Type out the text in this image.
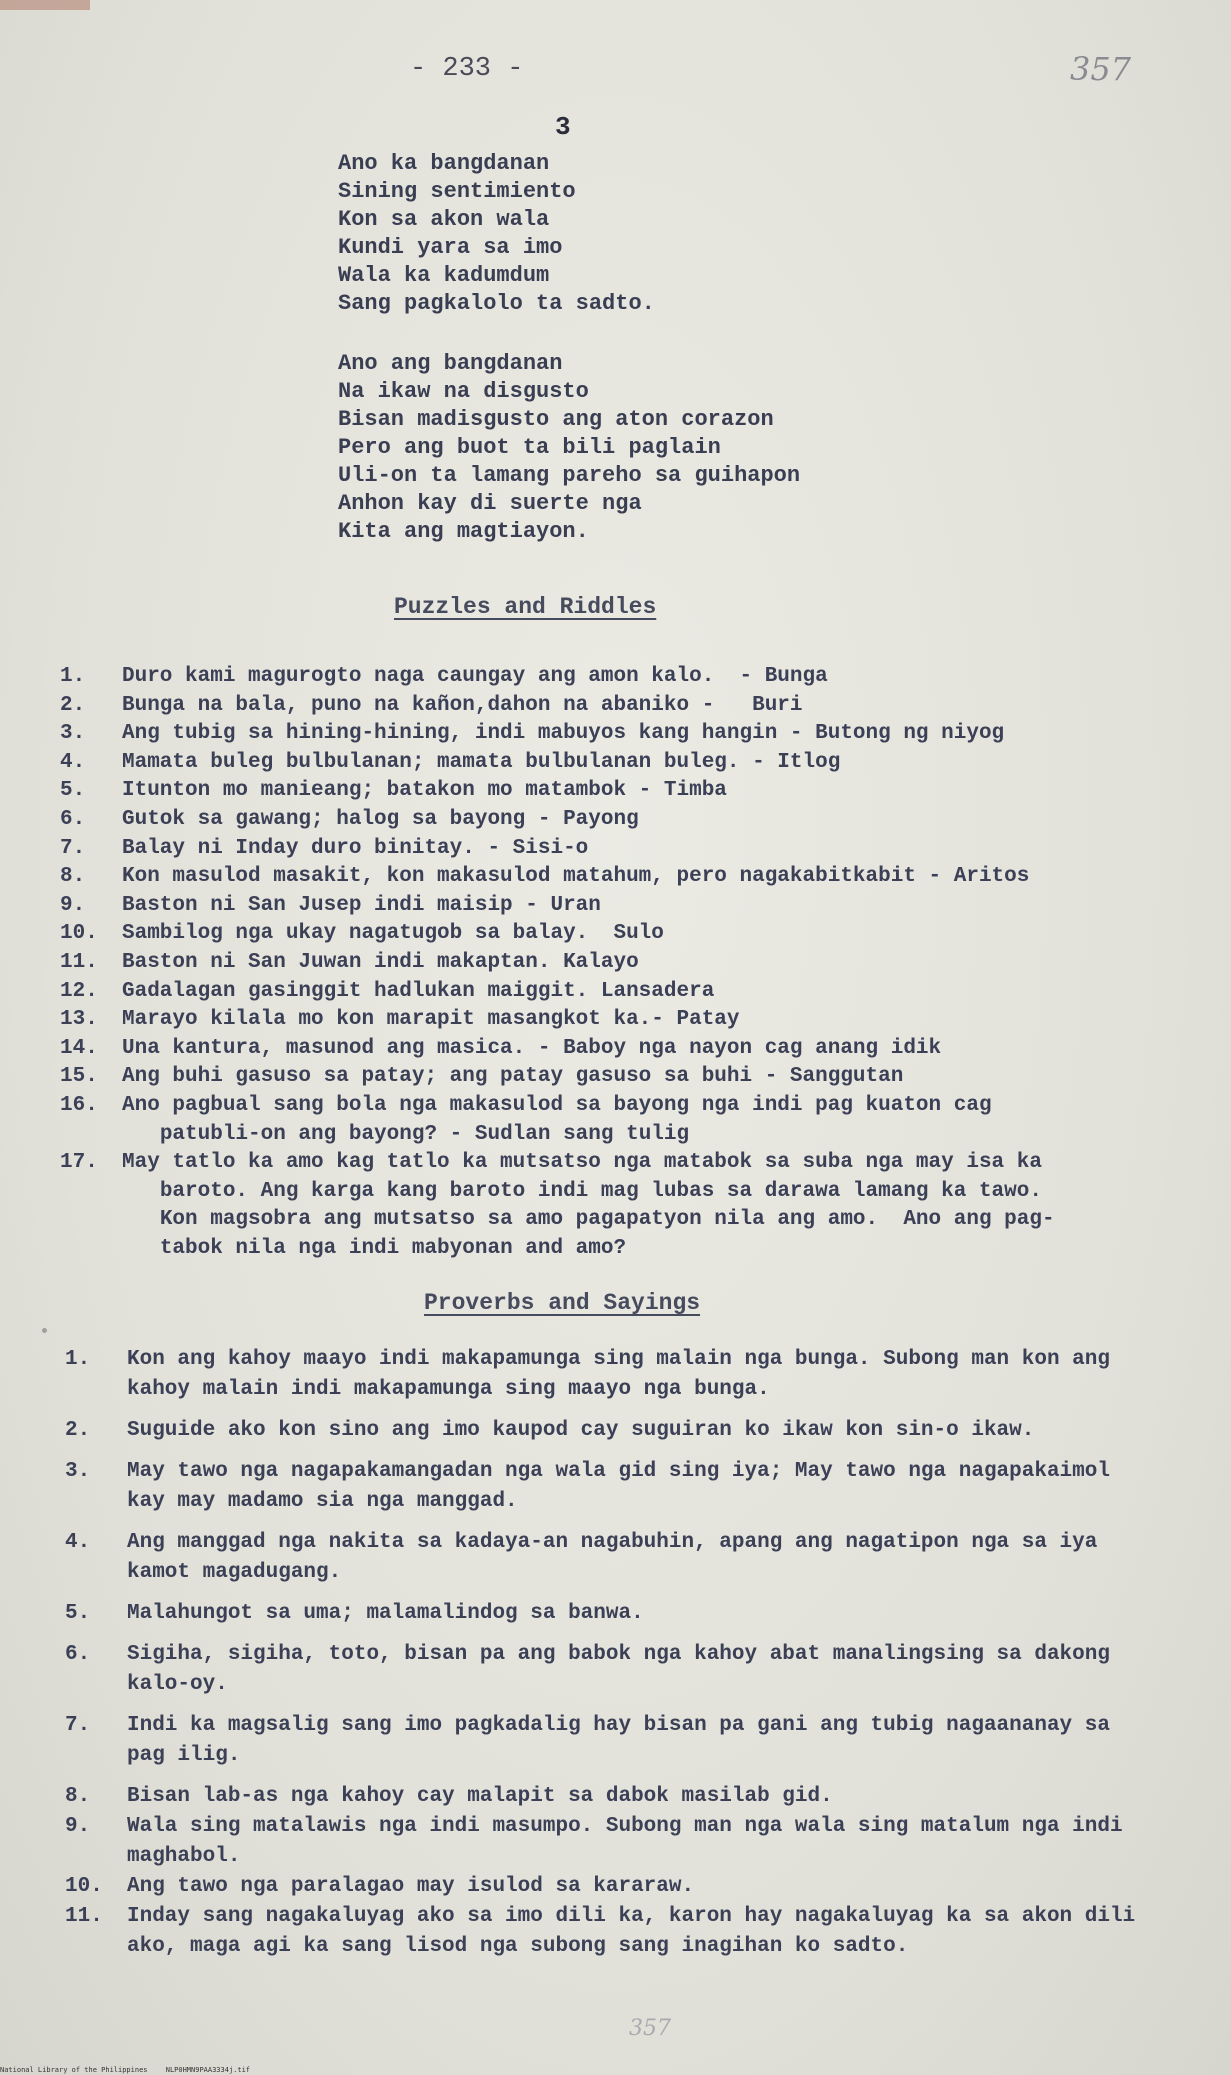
- 233 -	357
3
Ano ka bangdanan
Sining sentimiento
Kon sa akon wala
Kundi yara sa imo
Wala ka kadumdum
Sang pagkalolo ta sadto.
Ano ang bangdanan
Na ikaw na disgusto
Bisan madisgusto ang aton corazon
Pero ang buot ta bili paglain
Uli-on ta lamang pareho sa guihapon
Anhon kay di suerte nga
Kita ang magtiayon.
Puzzles and Riddles
1.	Duro kami magurogto naga caungay ang amon kalo.  - Bunga
2.	Bunga na bala, puno na kañon,dahon na abaniko -   Buri
3.	Ang tubig sa hining-hining, indi mabuyos kang hangin - Butong ng niyog
4.	Mamata buleg bulbulanan; mamata bulbulanan buleg. - Itlog
5.	Itunton mo manieang; batakon mo matambok - Timba
6.	Gutok sa gawang; halog sa bayong - Payong
7.	Balay ni Inday duro binitay. - Sisi-o
8.	Kon masulod masakit, kon makasulod matahum, pero nagakabitkabit - Aritos
9.	Baston ni San Jusep indi maisip - Uran
10.	Sambilog nga ukay nagatugob sa balay.  Sulo
11.	Baston ni San Juwan indi makaptan. Kalayo
12.	Gadalagan gasinggit hadlukan maiggit. Lansadera
13.	Marayo kilala mo kon marapit masangkot ka.- Patay
14.	Una kantura, masunod ang masica. - Baboy nga nayon cag anang idik
15.	Ang buhi gasuso sa patay; ang patay gasuso sa buhi - Sanggutan
16.	Ano pagbual sang bola nga makasulod sa bayong nga indi pag kuaton cag
patubli-on ang bayong? - Sudlan sang tulig
17.	May tatlo ka amo kag tatlo ka mutsatso nga matabok sa suba nga may isa ka
baroto. Ang karga kang baroto indi mag lubas sa darawa lamang ka tawo.
Kon magsobra ang mutsatso sa amo pagapatyon nila ang amo.  Ano ang pag-
tabok nila nga indi mabyonan and amo?
Proverbs and Sayings
1.	Kon ang kahoy maayo indi makapamunga sing malain nga bunga. Subong man kon ang kahoy malain indi makapamunga sing maayo nga bunga.
2.	Suguide ako kon sino ang imo kaupod cay suguiran ko ikaw kon sin-o ikaw.
3.	May tawo nga nagapakamangadan nga wala gid sing iya; May tawo nga nagapakaimol kay may madamo sia nga manggad.
4.	Ang manggad nga nakita sa kadaya-an nagabuhin, apang ang nagatipon nga sa iya kamot magadugang.
5.	Malahungot sa uma; malamalindog sa banwa.
6.	Sigiha, sigiha, toto, bisan pa ang babok nga kahoy abat manalingsing sa dakong kalo-oy.
7.	Indi ka magsalig sang imo pagkadalig hay bisan pa gani ang tubig nagaananay sa pag ilig.
8.	Bisan lab-as nga kahoy cay malapit sa dabok masilab gid.
9.	Wala sing matalawis nga indi masumpo. Subong man nga wala sing matalum nga indi maghabol.
10.	Ang tawo nga paralagao may isulod sa kararaw.
11.	Inday sang nagakaluyag ako sa imo dili ka, karon hay nagakaluyag ka sa akon dili ako, maga agi ka sang lisod nga subong sang inagihan ko sadto.
357
National Library of the Philippines	NLP0HMN9PAA3334j.tif
